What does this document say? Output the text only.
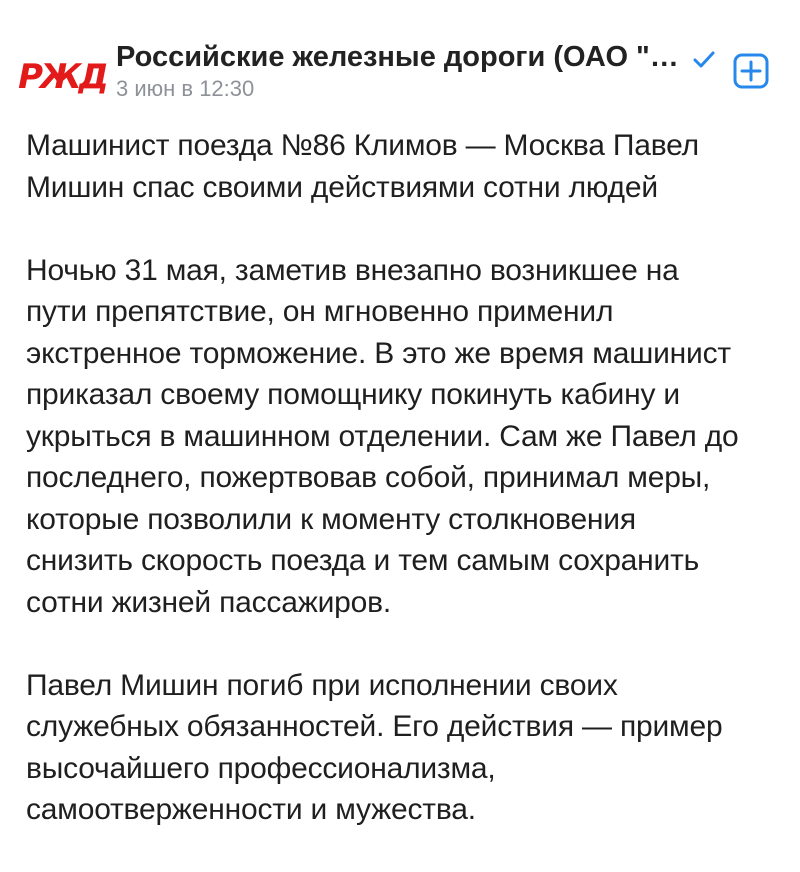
РЖД Российские железные дороги (ОАО "…
3 июн в 12:30

Машинист поезда №86 Климов — Москва Павел
Мишин спас своими действиями сотни людей

Ночью 31 мая, заметив внезапно возникшее на
пути препятствие, он мгновенно применил
экстренное торможение. В это же время машинист
приказал своему помощнику покинуть кабину и
укрыться в машинном отделении. Сам же Павел до
последнего, пожертвовав собой, принимал меры,
которые позволили к моменту столкновения
снизить скорость поезда и тем самым сохранить
сотни жизней пассажиров.

Павел Мишин погиб при исполнении своих
служебных обязанностей. Его действия — пример
высочайшего профессионализма,
самоотверженности и мужества.
